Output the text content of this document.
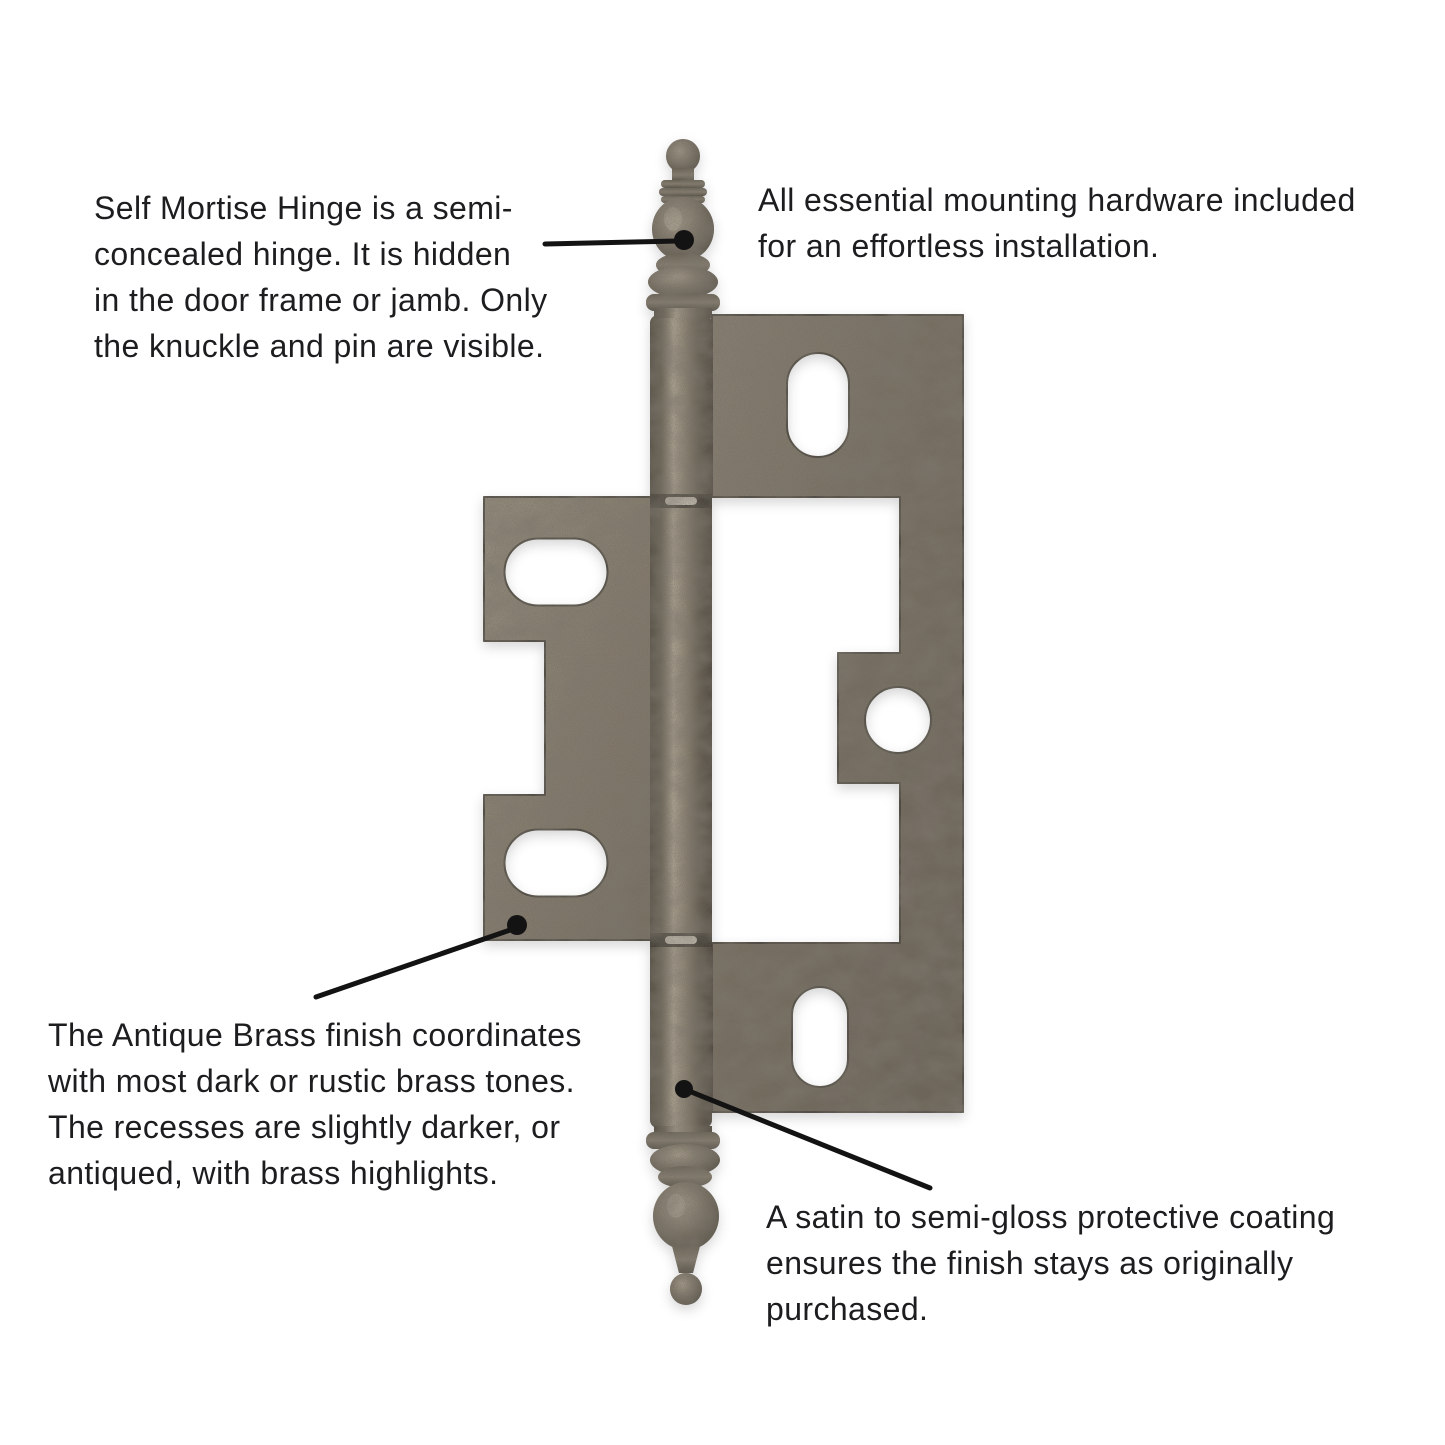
Self Mortise Hinge is a semi-
concealed hinge. It is hidden
in the door frame or jamb. Only
the knuckle and pin are visible.
All essential mounting hardware included
for an effortless installation.
The Antique Brass finish coordinates
with most dark or rustic brass tones.
The recesses are slightly darker, or
antiqued, with brass highlights.
A satin to semi-gloss protective coating
ensures the finish stays as originally
purchased.
